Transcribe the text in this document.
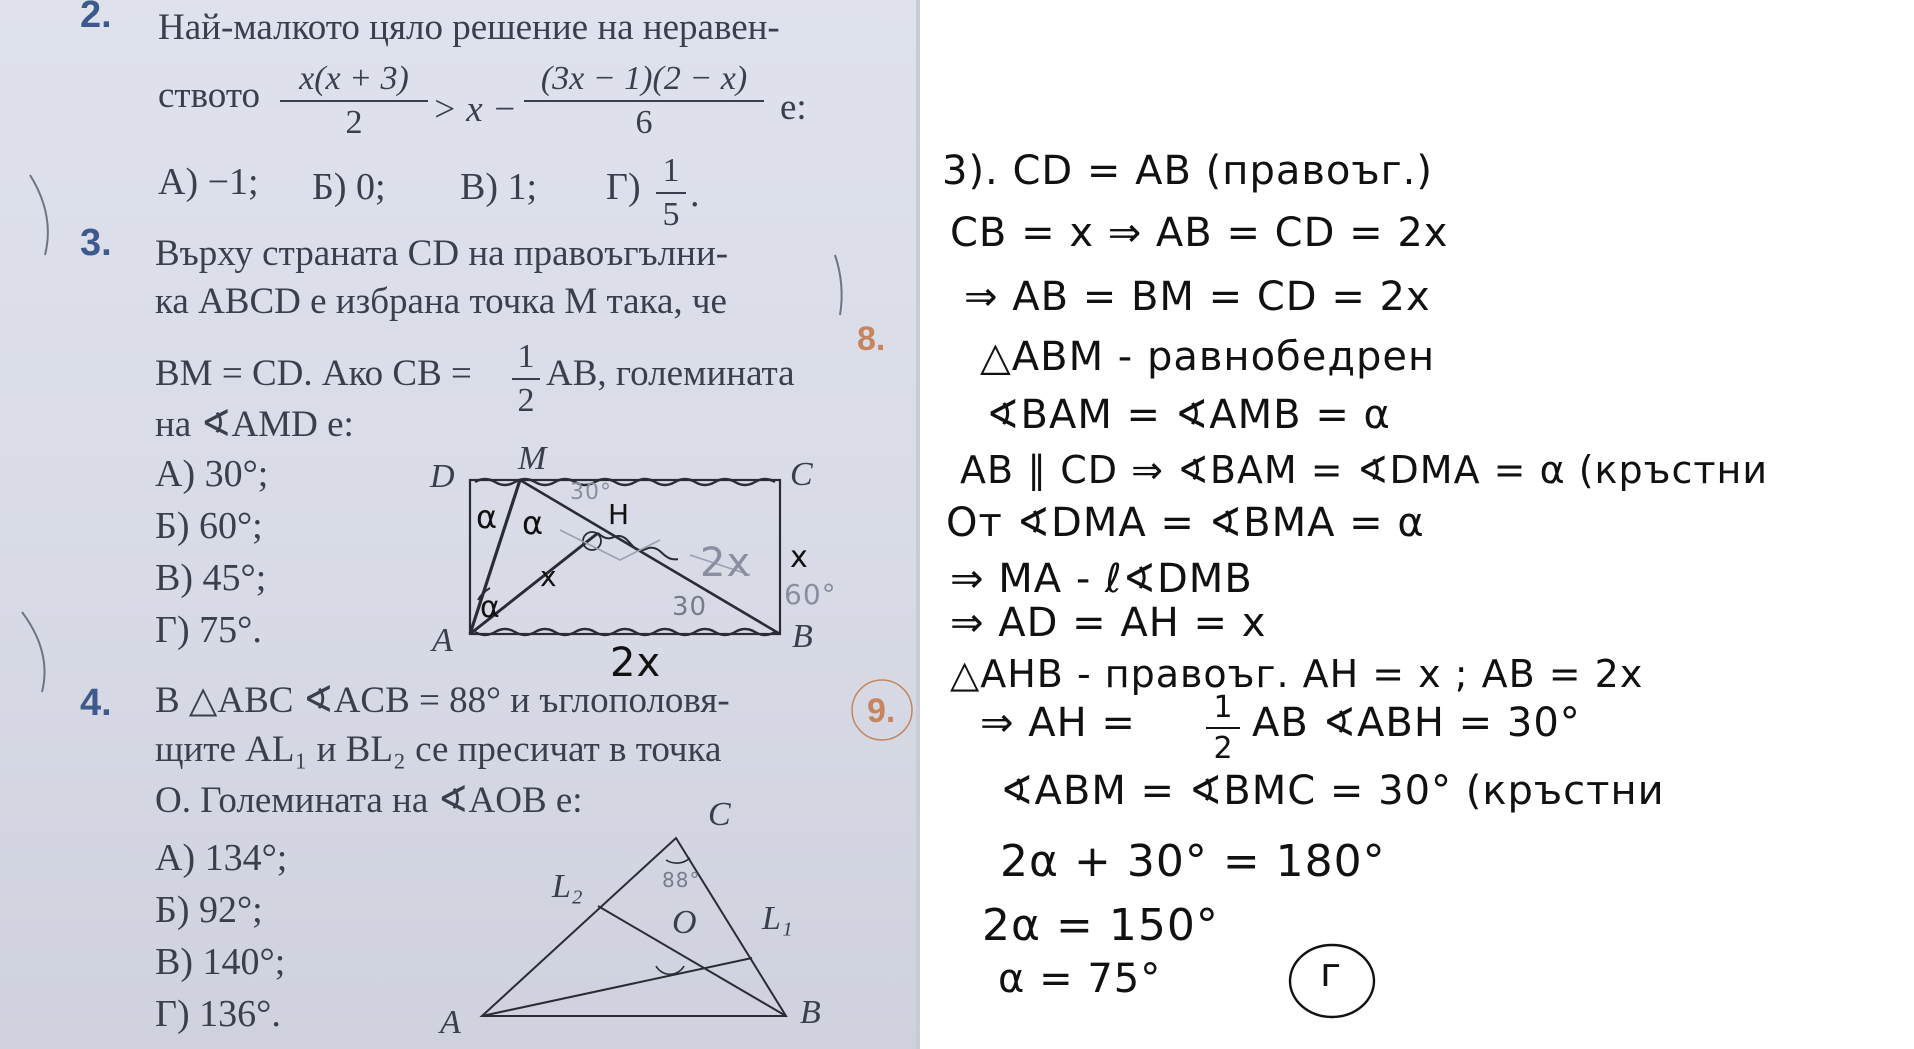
2. Най-малкото цяло решение на неравен-
ството	x(x + 3)
2	> x −
(3x − 1)(2 − x)
6	е:
А) −1; Б) 0; В) 1; Г) 1
5 .
3. Върху страната CD на правоъгълни-
ка ABCD е избрана точка M така, че
BM = CD. Ако CB = 1
2
AB, големината
на ∢AMD е:
А) 30°;
Б) 60°;
В) 45°;
Г) 75°.
D M	C
A	B
α α H
x	2x
30°
30	60°
x
α
2x
8.
9.
4. В △ABC ∢ACB = 88° и ъглополовя-
щите AL₁ и BL₂ се пресичат в точка
O. Големината на ∢AOB е:
А) 134°;
Б) 92°;
В) 140°;
Г) 136°.
C
L₂
O L₁
A	B
88°
3). CD = AB (правоъг.)
CB = x ⇒ AB = CD = 2x
⇒ AB = BM = CD = 2x
△ABM - равнобедрен
∢BAM = ∢AMB = α
AB ∥ CD ⇒ ∢BAM = ∢DMA = α (кръстни
От ∢DMA = ∢BMA = α
⇒ MA - ℓ∢DMB
⇒ AD = AH = x
△AHB - правоъг. AH = x ; AB = 2x
⇒ AH =	1
2
AB ∢ABH = 30°
∢ABM = ∢BMC = 30° (кръстни
2α + 30° = 180°
2α = 150°
α = 75°	г
